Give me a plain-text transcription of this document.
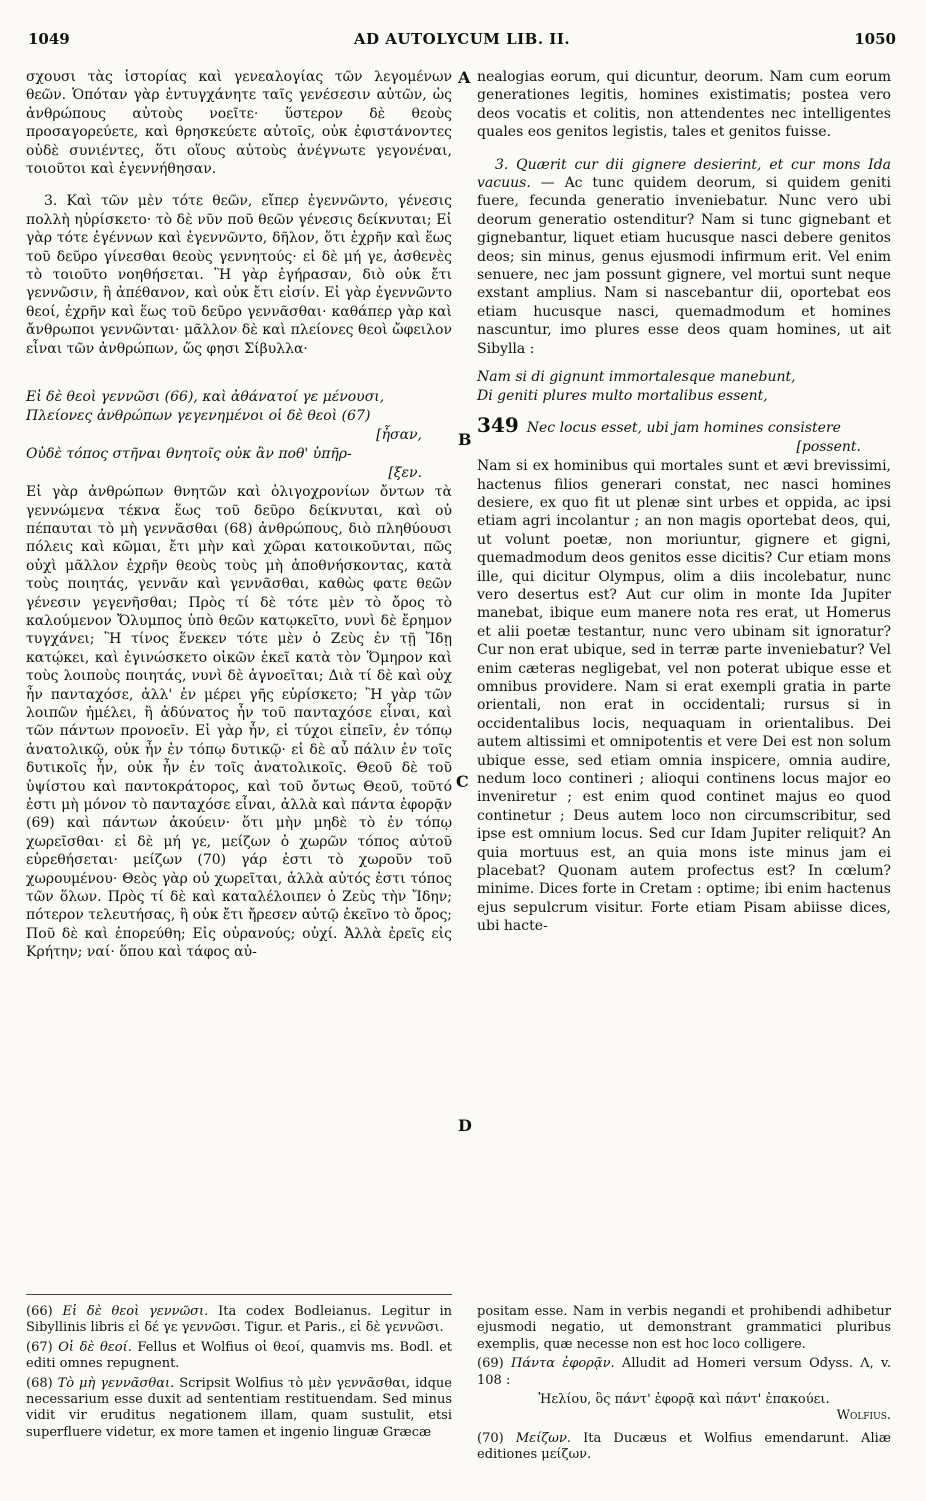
1049	AD AUTOLYCUM LIB. II.	1050
A
B
C
D

σχουσι τὰς ἱστορίας καὶ γενεαλογίας τῶν λεγομένων θεῶν. Ὁπόταν γὰρ ἐντυγχάνητε ταῖς γενέσεσιν αὐτῶν, ὡς ἀνθρώπους αὐτοὺς νοεῖτε· ὕστερον δὲ θεοὺς προσαγορεύετε, καὶ θρησκεύετε αὐτοῖς, οὐκ ἐφιστάνοντες οὐδὲ συνιέντες, ὅτι οἵους αὐτοὺς ἀνέγνωτε γεγονέναι, τοιοῦτοι καὶ ἐγεννήθησαν.

3. Καὶ τῶν μὲν τότε θεῶν, εἴπερ ἐγεννῶντο, γένεσις πολλὴ ηὑρίσκετο· τὸ δὲ νῦν ποῦ θεῶν γένεσις δείκνυται; Εἰ γὰρ τότε ἐγέννων καὶ ἐγεννῶντο, δῆλον, ὅτι ἐχρῆν καὶ ἕως τοῦ δεῦρο γίνεσθαι θεοὺς γεννητούς· εἰ δὲ μή γε, ἀσθενὲς τὸ τοιοῦτο νοηθήσεται. Ἢ γὰρ ἐγήρασαν, διὸ οὐκ ἔτι γεννῶσιν, ἢ ἀπέθανον, καὶ οὐκ ἔτι εἰσίν. Εἰ γὰρ ἐγεννῶντο θεοί, ἐχρῆν καὶ ἕως τοῦ δεῦρο γεννᾶσθαι· καθάπερ γὰρ καὶ ἄνθρωποι γεννῶνται· μᾶλλον δὲ καὶ πλείονες θεοὶ ὤφειλον εἶναι τῶν ἀνθρώπων, ὥς φησι Σίβυλλα·

Εἰ δὲ θεοὶ γεννῶσι (66), καὶ ἀθάνατοί γε μένουσι,
Πλείονες ἀνθρώπων γεγενημένοι οἱ δὲ θεοὶ (67)
[ἦσαν,
Οὐδὲ τόπος στῆναι θνητοῖς οὐκ ἂν ποθ' ὑπῆρ-
[ξεν.

Εἰ γὰρ ἀνθρώπων θνητῶν καὶ ὀλιγοχρονίων ὄντων τὰ γεννώμενα τέκνα ἕως τοῦ δεῦρο δείκνυται, καὶ οὐ πέπαυται τὸ μὴ γεννᾶσθαι (68) ἀνθρώπους, διὸ πληθύουσι πόλεις καὶ κῶμαι, ἔτι μὴν καὶ χῶραι κατοικοῦνται, πῶς οὐχὶ μᾶλλον ἐχρῆν θεοὺς τοὺς μὴ ἀποθνήσκοντας, κατὰ τοὺς ποιητάς, γεννᾶν καὶ γεννᾶσθαι, καθὼς φατε θεῶν γένεσιν γεγενῆσθαι; Πρὸς τί δὲ τότε μὲν τὸ ὄρος τὸ καλούμενον Ὄλυμπος ὑπὸ θεῶν κατῳκεῖτο, νυνὶ δὲ ἔρημον τυγχάνει; Ἢ τίνος ἕνεκεν τότε μὲν ὁ Ζεὺς ἐν τῇ Ἴδῃ κατῴκει, καὶ ἐγινώσκετο οἰκῶν ἐκεῖ κατὰ τὸν Ὅμηρον καὶ τοὺς λοιποὺς ποιητάς, νυνὶ δὲ ἀγνοεῖται; Διὰ τί δὲ καὶ οὐχ ἦν πανταχόσε, ἀλλ' ἐν μέρει γῆς εὑρίσκετο; Ἢ γὰρ τῶν λοιπῶν ἠμέλει, ἢ ἀδύνατος ἦν τοῦ πανταχόσε εἶναι, καὶ τῶν πάντων προνοεῖν. Εἰ γὰρ ἦν, εἰ τύχοι εἰπεῖν, ἐν τόπῳ ἀνατολικῷ, οὐκ ἦν ἐν τόπῳ δυτικῷ· εἰ δὲ αὖ πάλιν ἐν τοῖς δυτικοῖς ἦν, οὐκ ἦν ἐν τοῖς ἀνατολικοῖς. Θεοῦ δὲ τοῦ ὑψίστου καὶ παντοκράτορος, καὶ τοῦ ὄντως Θεοῦ, τοῦτό ἐστι μὴ μόνον τὸ πανταχόσε εἶναι, ἀλλὰ καὶ πάντα ἐφορᾷν (69) καὶ πάντων ἀκούειν· ὅτι μὴν μηδὲ τὸ ἐν τόπῳ χωρεῖσθαι· εἰ δὲ μή γε, μείζων ὁ χωρῶν τόπος αὐτοῦ εὑρεθήσεται· μείζων (70) γάρ ἐστι τὸ χωροῦν τοῦ χωρουμένου· Θεὸς γὰρ οὐ χωρεῖται, ἀλλὰ αὐτός ἐστι τόπος τῶν ὅλων. Πρὸς τί δὲ καὶ καταλέλοιπεν ὁ Ζεὺς τὴν Ἴδην; πότερον τελευτήσας, ἢ οὐκ ἔτι ἤρεσεν αὐτῷ ἐκεῖνο τὸ ὄρος; Ποῦ δὲ καὶ ἐπορεύθη; Εἰς οὐρανούς; οὐχί. Ἀλλὰ ἐρεῖς εἰς Κρήτην; ναί· ὅπου καὶ τάφος αὐ-

nealogias eorum, qui dicuntur, deorum. Nam cum eorum generationes legitis, homines existimatis; postea vero deos vocatis et colitis, non attendentes nec intelligentes quales eos genitos legistis, tales et genitos fuisse.

3. Quærit cur dii gignere desierint, et cur mons Ida vacuus. — Ac tunc quidem deorum, si quidem geniti fuere, fecunda generatio inveniebatur. Nunc vero ubi deorum generatio ostenditur? Nam si tunc gignebant et gignebantur, liquet etiam hucusque nasci debere genitos deos; sin minus, genus ejusmodi infirmum erit. Vel enim senuere, nec jam possunt gignere, vel mortui sunt neque exstant amplius. Nam si nascebantur dii, oportebat eos etiam hucusque nasci, quemadmodum et homines nascuntur, imo plures esse deos quam homines, ut ait Sibylla :

Nam si di gignunt immortalesque manebunt,
Di geniti plures multo mortalibus essent,
349 Nec locus esset, ubi jam homines consistere
[possent.

Nam si ex hominibus qui mortales sunt et ævi brevissimi, hactenus filios generari constat, nec nasci homines desiere, ex quo fit ut plenæ sint urbes et oppida, ac ipsi etiam agri incolantur ; an non magis oportebat deos, qui, ut volunt poetæ, non moriuntur, gignere et gigni, quemadmodum deos genitos esse dicitis? Cur etiam mons ille, qui dicitur Olympus, olim a diis incolebatur, nunc vero desertus est? Aut cur olim in monte Ida Jupiter manebat, ibique eum manere nota res erat, ut Homerus et alii poetæ testantur, nunc vero ubinam sit ignoratur? Cur non erat ubique, sed in terræ parte inveniebatur? Vel enim cæteras negligebat, vel non poterat ubique esse et omnibus providere. Nam si erat exempli gratia in parte orientali, non erat in occidentali; rursus si in occidentalibus locis, nequaquam in orientalibus. Dei autem altissimi et omnipotentis et vere Dei est non solum ubique esse, sed etiam omnia inspicere, omnia audire, nedum loco contineri ; alioqui continens locus major eo inveniretur ; est enim quod continet majus eo quod continetur ; Deus autem loco non circumscribitur, sed ipse est omnium locus. Sed cur Idam Jupiter reliquit? An quia mortuus est, an quia mons iste minus jam ei placebat? Quonam autem profectus est? In cœlum? minime. Dices forte in Cretam : optime; ibi enim hactenus ejus sepulcrum visitur. Forte etiam Pisam abiisse dices, ubi hacte-

(66) Εἰ δὲ θεοὶ γεννῶσι. Ita codex Bodleianus. Legitur in Sibyllinis libris εἰ δέ γε γεννῶσι. Tigur. et Paris., εἰ δὲ γεννῶσι.

(67) Οἱ δὲ θεοί. Fellus et Wolfius οἱ θεοί, quamvis ms. Bodl. et editi omnes repugnent.

(68) Τὸ μὴ γεννᾶσθαι. Scripsit Wolfius τὸ μὲν γεννᾶσθαι, idque necessarium esse duxit ad sententiam restituendam. Sed minus vidit vir eruditus negationem illam, quam sustulit, etsi superfluere videtur, ex more tamen et ingenio linguæ Græcæ

positam esse. Nam in verbis negandi et prohibendi adhibetur ejusmodi negatio, ut demonstrant grammatici pluribus exemplis, quæ necesse non est hoc loco colligere.

(69) Πάντα ἐφορᾷν. Alludit ad Homeri versum Odyss. Λ, v. 108 :
Ἠελίου, ὃς πάντ' ἐφορᾷ καὶ πάντ' ἐπακούει.
Wolfius.

(70) Μείζων. Ita Ducæus et Wolfius emendarunt. Aliæ editiones μείζων.
